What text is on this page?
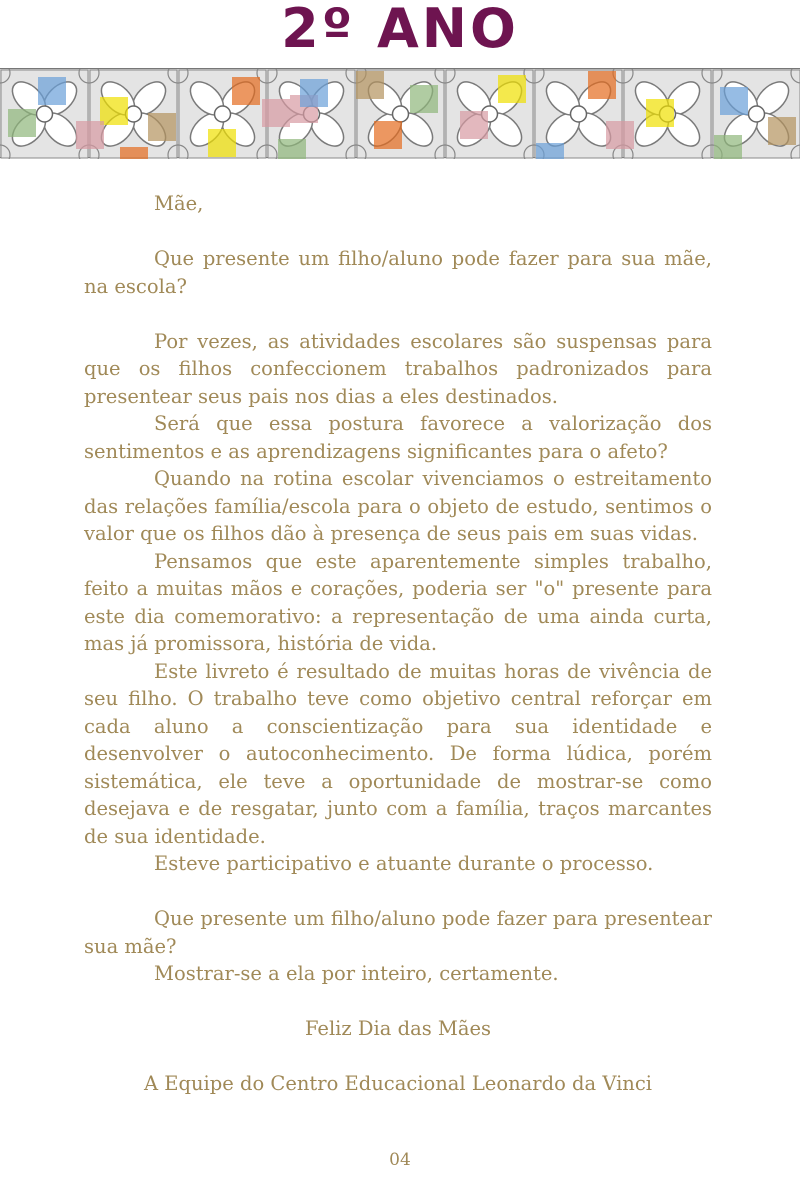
2º ANO

Mãe,

Que presente um filho/aluno pode fazer para sua mãe, na escola?

Por vezes, as atividades escolares são suspensas para que os filhos confeccionem trabalhos padronizados para presentear seus pais nos dias a eles destinados.

Será que essa postura favorece a valorização dos sentimentos e as aprendizagens significantes para o afeto?

Quando na rotina escolar vivenciamos o estreitamento das relações família/escola para o objeto de estudo, sentimos o valor que os filhos dão à presença de seus pais em suas vidas.

Pensamos que este aparentemente simples trabalho, feito a muitas mãos e corações, poderia ser "o" presente para este dia comemorativo: a representação de uma ainda curta, mas já promissora, história de vida.

Este livreto é resultado de muitas horas de vivência de seu filho. O trabalho teve como objetivo central reforçar em cada aluno a conscientização para sua identidade e desenvolver o autoconhecimento. De forma lúdica, porém sistemática, ele teve a oportunidade de mostrar-se como desejava e de resgatar, junto com a família, traços marcantes de sua identidade.

Esteve participativo e atuante durante o processo.

Que presente um filho/aluno pode fazer para presentear sua mãe?

Mostrar-se a ela por inteiro, certamente.

Feliz Dia das Mães

A Equipe do Centro Educacional Leonardo da Vinci

04
